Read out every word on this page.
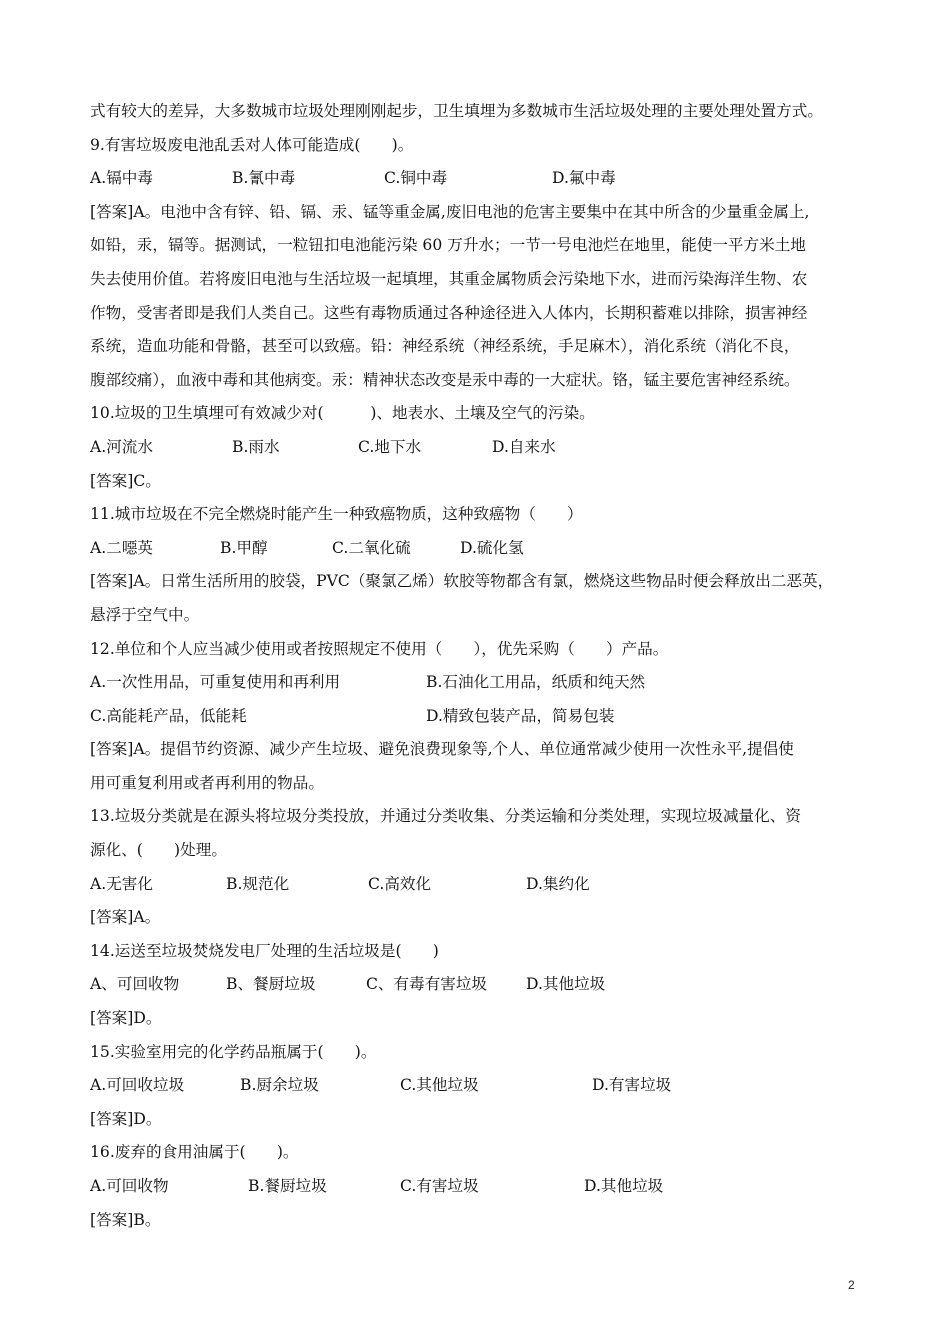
式有较大的差异，大多数城市垃圾处理刚刚起步，卫生填埋为多数城市生活垃圾处理的主要处理处置方式。
9.有害垃圾废电池乱丢对人体可能造成(　　)。
A.镉中毒	B.氰中毒	C.铜中毒	D.氟中毒
[答案]A。电池中含有锌、铅、镉、汞、锰等重金属,废旧电池的危害主要集中在其中所含的少量重金属上,
如铅，汞，镉等。据测试，一粒钮扣电池能污染 60 万升水；一节一号电池烂在地里，能使一平方米土地
失去使用价值。若将废旧电池与生活垃圾一起填埋，其重金属物质会污染地下水，进而污染海洋生物、农
作物，受害者即是我们人类自己。这些有毒物质通过各种途径进入人体内，长期积蓄难以排除，损害神经
系统，造血功能和骨骼，甚至可以致癌。铅：神经系统（神经系统，手足麻木），消化系统（消化不良，
腹部绞痛），血液中毒和其他病变。汞：精神状态改变是汞中毒的一大症状。铬，锰主要危害神经系统。
10.垃圾的卫生填埋可有效减少对(　　　)、地表水、土壤及空气的污染。
A.河流水	B.雨水	C.地下水	D.自来水
[答案]C。
11.城市垃圾在不完全燃烧时能产生一种致癌物质，这种致癌物（　　）
A.二噁英	B.甲醇	C.二氧化硫	D.硫化氢
[答案]A。日常生活所用的胶袋，PVC（聚氯乙烯）软胶等物都含有氯，燃烧这些物品时便会释放出二恶英，
悬浮于空气中。
12.单位和个人应当减少使用或者按照规定不使用（　　），优先采购（　　）产品。
A.一次性用品，可重复使用和再利用	B.石油化工用品，纸质和纯天然
C.高能耗产品，低能耗	D.精致包装产品，简易包装
[答案]A。提倡节约资源、减少产生垃圾、避免浪费现象等,个人、单位通常减少使用一次性永平,提倡使
用可重复利用或者再利用的物品。
13.垃圾分类就是在源头将垃圾分类投放，并通过分类收集、分类运输和分类处理，实现垃圾减量化、资
源化、(　　)处理。
A.无害化	B.规范化	C.高效化	D.集约化
[答案]A。
14.运送至垃圾焚烧发电厂处理的生活垃圾是(　　)
A、可回收物	B、餐厨垃圾	C、有毒有害垃圾 D.其他垃圾
[答案]D。
15.实验室用完的化学药品瓶属于(　　)。
A.可回收垃圾	B.厨余垃圾	C.其他垃圾	D.有害垃圾
[答案]D。
16.废弃的食用油属于(　　)。
A.可回收物	B.餐厨垃圾	C.有害垃圾	D.其他垃圾
[答案]B。
2
